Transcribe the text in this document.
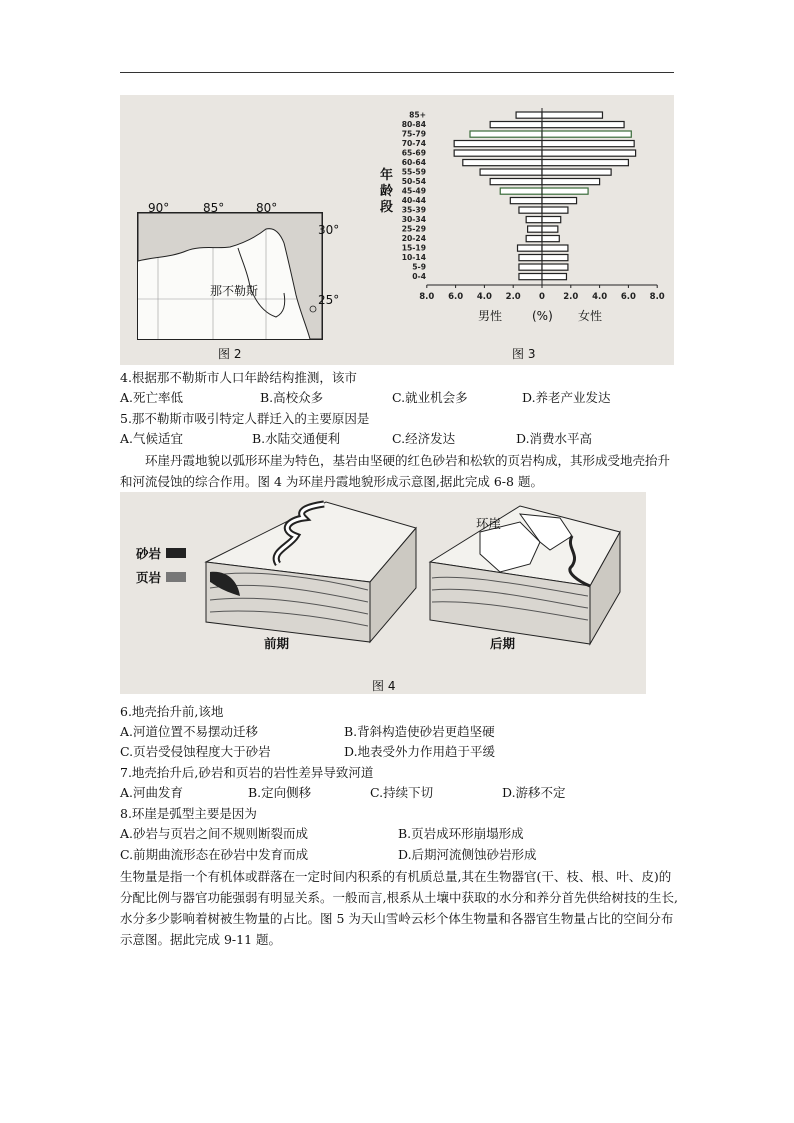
90°	85°	80°
30°
25°
那不勒斯
图 2
85+
80-84
75-79
70-74
65-69
60-64
55-59
50-54
45-49
40-44
35-39
30-34
25-29
20-24
15-19
10-14
5-9
0-4
8.0 6.0 4.0 2.0 0 2.0 4.0 6.0 8.0
年龄段
男性 (%) 女性
图 3
4.根据那不勒斯市人口年龄结构推测，该市
A.死亡率低	B.高校众多	C.就业机会多	D.养老产业发达
5.那不勒斯市吸引特定人群迁入的主要原因是
A.气候适宜	B.水陆交通便利	C.经济发达	D.消费水平高
环崖丹霞地貌以弧形环崖为特色，基岩由坚硬的红色砂岩和松软的页岩构成，其形成受地壳抬升和河流侵蚀的综合作用。图 4 为环崖丹霞地貌形成示意图,据此完成 6-8 题。
砂岩
页岩
环崖
前期	后期
图 4
6.地壳抬升前,该地
A.河道位置不易摆动迁移	B.背斜构造使砂岩更趋坚硬
C.页岩受侵蚀程度大于砂岩	D.地表受外力作用趋于平缓
7.地壳抬升后,砂岩和页岩的岩性差异导致河道
A.河曲发育	B.定向侧移	C.持续下切	D.游移不定
8.环崖是弧型主要是因为
A.砂岩与页岩之间不规则断裂而成	B.页岩成环形崩塌形成
C.前期曲流形态在砂岩中发育而成	D.后期河流侧蚀砂岩形成
生物量是指一个有机体或群落在一定时间内积系的有机质总量,其在生物器官(干、枝、根、叶、皮)的分配比例与器官功能强弱有明显关系。一般而言,根系从土壤中获取的水分和养分首先供给树技的生长,水分多少影响着树被生物量的占比。图 5 为天山雪岭云杉个体生物量和各器官生物量占比的空间分布示意图。据此完成 9-11 题。
